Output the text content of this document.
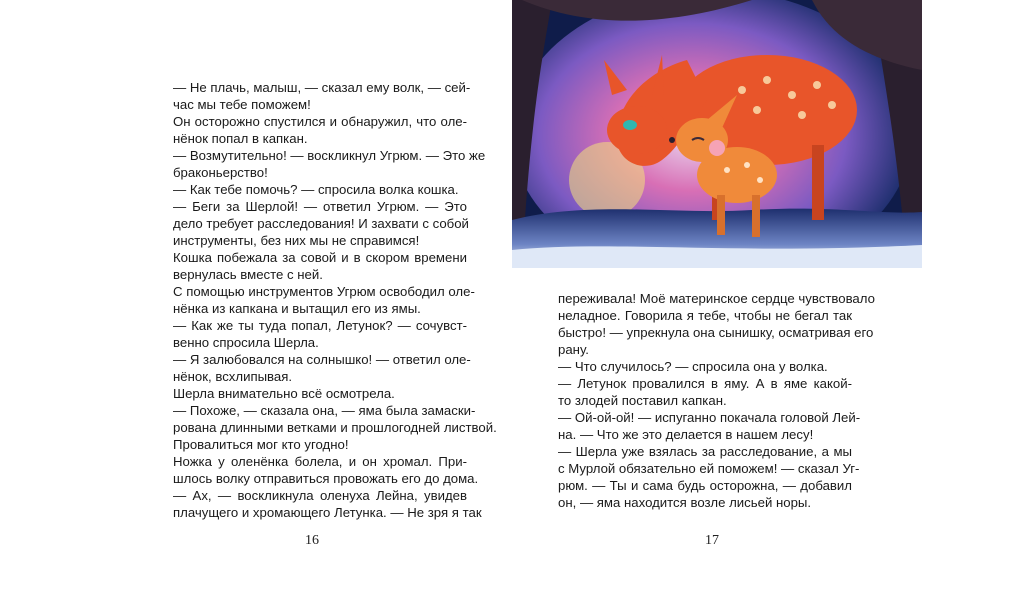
— Не плачь, малыш, — сказал ему волк, — сей-
час мы тебе поможем!
Он осторожно спустился и обнаружил, что оле-
нёнок попал в капкан.
— Возмутительно! — воскликнул Угрюм. — Это же
браконьерство!
— Как тебе помочь? — спросила волка кошка.
— Беги за Шерлой! — ответил Угрюм. — Это
дело требует расследования! И захвати с собой
инструменты, без них мы не справимся!
Кошка побежала за совой и в скором времени
вернулась вместе с ней.
С помощью инструментов Угрюм освободил оле-
нёнка из капкана и вытащил его из ямы.
— Как же ты туда попал, Летунок? — сочувст-
венно спросила Шерла.
— Я залюбовался на солнышко! — ответил оле-
нёнок, всхлипывая.
Шерла внимательно всё осмотрела.
— Похоже, — сказала она, — яма была замаски-
рована длинными ветками и прошлогодней листвой.
Провалиться мог кто угодно!
Ножка у оленёнка болела, и он хромал. При-
шлось волку отправиться провожать его до дома.
— Ах, — воскликнула оленуха Лейна, увидев
плачущего и хромающего Летунка. — Не зря я так
16
переживала! Моё материнское сердце чувствовало
неладное. Говорила я тебе, чтобы не бегал так
быстро! — упрекнула она сынишку, осматривая его
рану.
— Что случилось? — спросила она у волка.
— Летунок провалился в яму. А в яме какой-
то злодей поставил капкан.
— Ой-ой-ой! — испуганно покачала головой Лей-
на. — Что же это делается в нашем лесу!
— Шерла уже взялась за расследование, а мы
с Мурлой обязательно ей поможем! — сказал Уг-
рюм. — Ты и сама будь осторожна, — добавил
он, — яма находится возле лисьей норы.
17
